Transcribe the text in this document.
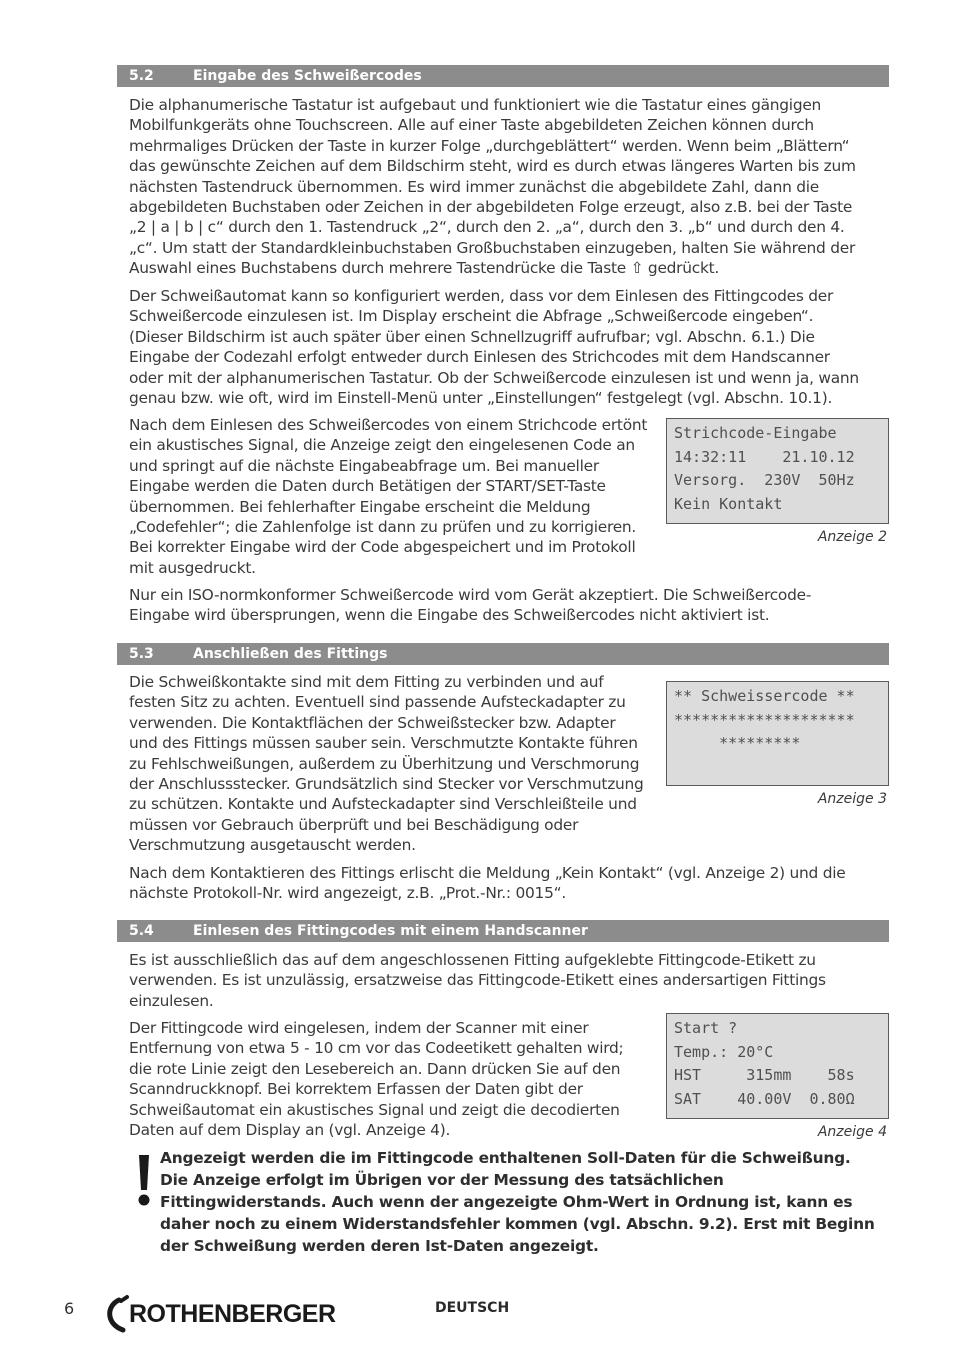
5.2	Eingabe des Schweißercodes
Die alphanumerische Tastatur ist aufgebaut und funktioniert wie die Tastatur eines gängigen
Mobilfunkgeräts ohne Touchscreen. Alle auf einer Taste abgebildeten Zeichen können durch
mehrmaliges Drücken der Taste in kurzer Folge „durchgeblättert“ werden. Wenn beim „Blättern“
das gewünschte Zeichen auf dem Bildschirm steht, wird es durch etwas längeres Warten bis zum
nächsten Tastendruck übernommen. Es wird immer zunächst die abgebildete Zahl, dann die
abgebildeten Buchstaben oder Zeichen in der abgebildeten Folge erzeugt, also z.B. bei der Taste
„2 | a | b | c“ durch den 1. Tastendruck „2“, durch den 2. „a“, durch den 3. „b“ und durch den 4.
„c“. Um statt der Standardkleinbuchstaben Großbuchstaben einzugeben, halten Sie während der
Auswahl eines Buchstabens durch mehrere Tastendrücke die Taste ⇧ gedrückt.
Der Schweißautomat kann so konfiguriert werden, dass vor dem Einlesen des Fittingcodes der
Schweißercode einzulesen ist. Im Display erscheint die Abfrage „Schweißercode eingeben“.
(Dieser Bildschirm ist auch später über einen Schnellzugriff aufrufbar; vgl. Abschn. 6.1.) Die
Eingabe der Codezahl erfolgt entweder durch Einlesen des Strichcodes mit dem Handscanner
oder mit der alphanumerischen Tastatur. Ob der Schweißercode einzulesen ist und wenn ja, wann
genau bzw. wie oft, wird im Einstell-Menü unter „Einstellungen“ festgelegt (vgl. Abschn. 10.1).
Nach dem Einlesen des Schweißercodes von einem Strichcode ertönt
ein akustisches Signal, die Anzeige zeigt den eingelesenen Code an
und springt auf die nächste Eingabeabfrage um. Bei manueller
Eingabe werden die Daten durch Betätigen der START/SET-Taste
übernommen. Bei fehlerhafter Eingabe erscheint die Meldung
„Codefehler“; die Zahlenfolge ist dann zu prüfen und zu korrigieren.
Bei korrekter Eingabe wird der Code abgespeichert und im Protokoll
mit ausgedruckt.
Strichcode-Eingabe
14:32:11    21.10.12
Versorg.  230V  50Hz
Kein Kontakt
Anzeige 2
Nur ein ISO-normkonformer Schweißercode wird vom Gerät akzeptiert. Die Schweißercode-
Eingabe wird übersprungen, wenn die Eingabe des Schweißercodes nicht aktiviert ist.
5.3	Anschließen des Fittings
Die Schweißkontakte sind mit dem Fitting zu verbinden und auf
festen Sitz zu achten. Eventuell sind passende Aufsteckadapter zu
verwenden. Die Kontaktflächen der Schweißstecker bzw. Adapter
und des Fittings müssen sauber sein. Verschmutzte Kontakte führen
zu Fehlschweißungen, außerdem zu Überhitzung und Verschmorung
der Anschlussstecker. Grundsätzlich sind Stecker vor Verschmutzung
zu schützen. Kontakte und Aufsteckadapter sind Verschleißteile und
müssen vor Gebrauch überprüft und bei Beschädigung oder
Verschmutzung ausgetauscht werden.
** Schweissercode **
********************
*********
Anzeige 3
Nach dem Kontaktieren des Fittings erlischt die Meldung „Kein Kontakt“ (vgl. Anzeige 2) und die
nächste Protokoll-Nr. wird angezeigt, z.B. „Prot.-Nr.: 0015“.
5.4	Einlesen des Fittingcodes mit einem Handscanner
Es ist ausschließlich das auf dem angeschlossenen Fitting aufgeklebte Fittingcode-Etikett zu
verwenden. Es ist unzulässig, ersatzweise das Fittingcode-Etikett eines andersartigen Fittings
einzulesen.
Der Fittingcode wird eingelesen, indem der Scanner mit einer
Entfernung von etwa 5 - 10 cm vor das Codeetikett gehalten wird;
die rote Linie zeigt den Lesebereich an. Dann drücken Sie auf den
Scanndruckknopf. Bei korrektem Erfassen der Daten gibt der
Schweißautomat ein akustisches Signal und zeigt die decodierten
Daten auf dem Display an (vgl. Anzeige 4).
Start ?
Temp.: 20°C
HST     315mm    58s
SAT    40.00V  0.80Ω
Anzeige 4
Angezeigt werden die im Fittingcode enthaltenen Soll-Daten für die Schweißung.
Die Anzeige erfolgt im Übrigen vor der Messung des tatsächlichen
Fittingwiderstands. Auch wenn der angezeigte Ohm-Wert in Ordnung ist, kann es
daher noch zu einem Widerstandsfehler kommen (vgl. Abschn. 9.2). Erst mit Beginn
der Schweißung werden deren Ist-Daten angezeigt.
6 ROTHENBERGER	DEUTSCH
